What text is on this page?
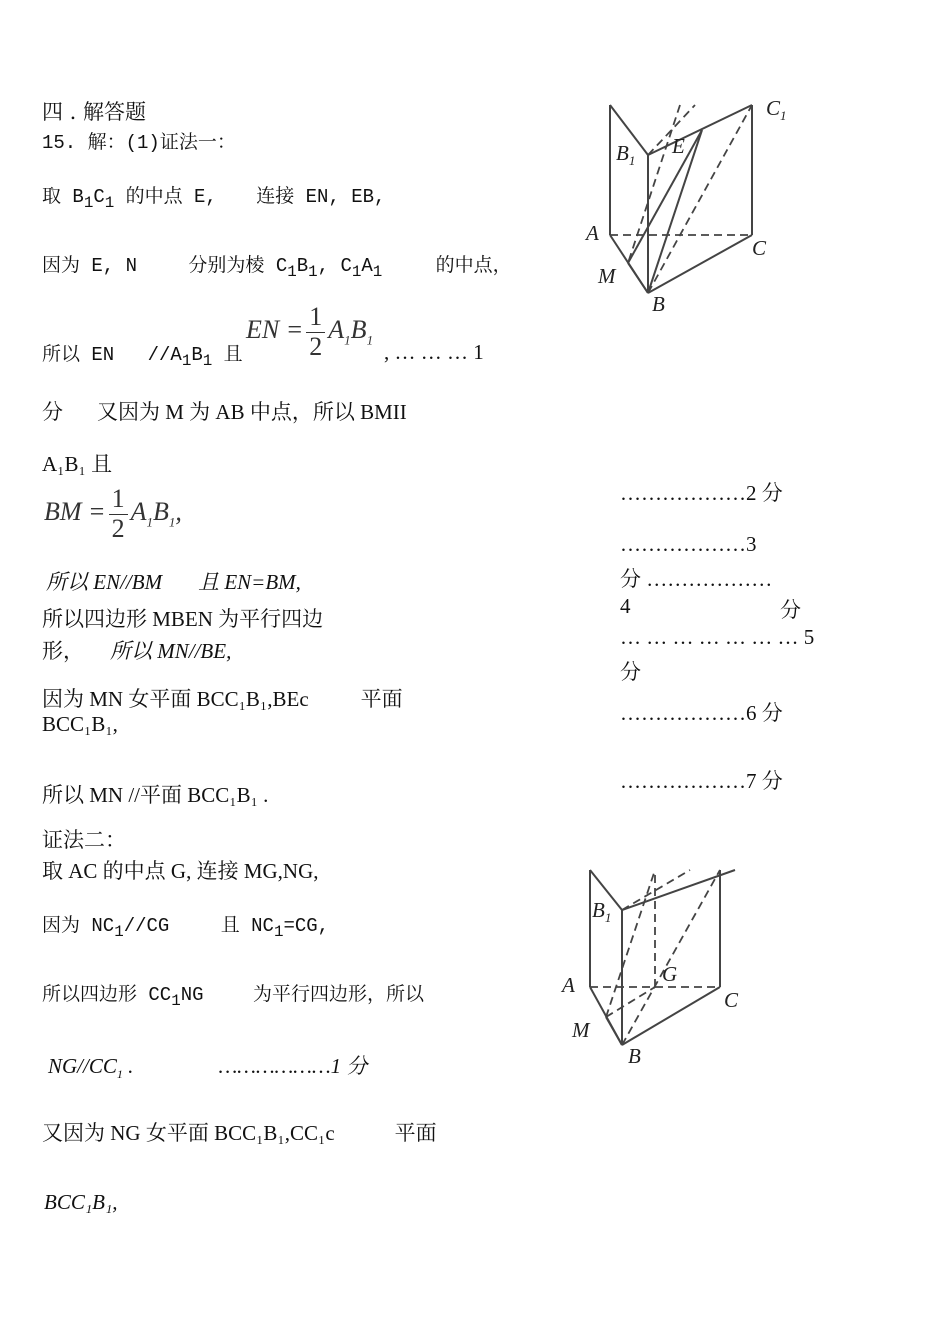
四 . 解答题
15. 解：(1)证法一：
取 $B_1C_1$ 的中点 E, 连接 EN, EB,
因为 E, N	分别为棱 $C_1B_1$, $C_1A_1$	的中点，
所以 EN $//A_1B_1$ 且
EN = $\frac{1}{2} A_1B_1$
, … … … 1
分 又因为 M 为 AB 中点，所以 BMII
A₁B₁ 且
BM = $\frac{1}{2} A_1B_1$,
所以 EN//BM 且 EN=BM,
所以四边形 MBEN 为平行四边
形， 所以 MN//BE,
因为 MN 女平面 BCC₁B₁,BEc 平面
BCC₁B₁,
所以 MN //平面 BCC₁B₁ .
………………2 分
………………3
分 ………………
4	分
… … … … … … … 5
分
………………6 分
………………7 分
证法二：
取 AC 的中点 G, 连接 MG,NG,
因为 $NC_1//CG$	且 $NC_1=CG$,
所以四边形 $CC_1NG$	为平行四边形，所以
$NG//CC_1$ .	………………1 分
又因为 NG 女平面 BCC₁B₁,CC₁c	平面
BCC₁B₁,
$B_1$
E
$C_1$
A
C
M
B
$B_1$
A	G
C
M
B
